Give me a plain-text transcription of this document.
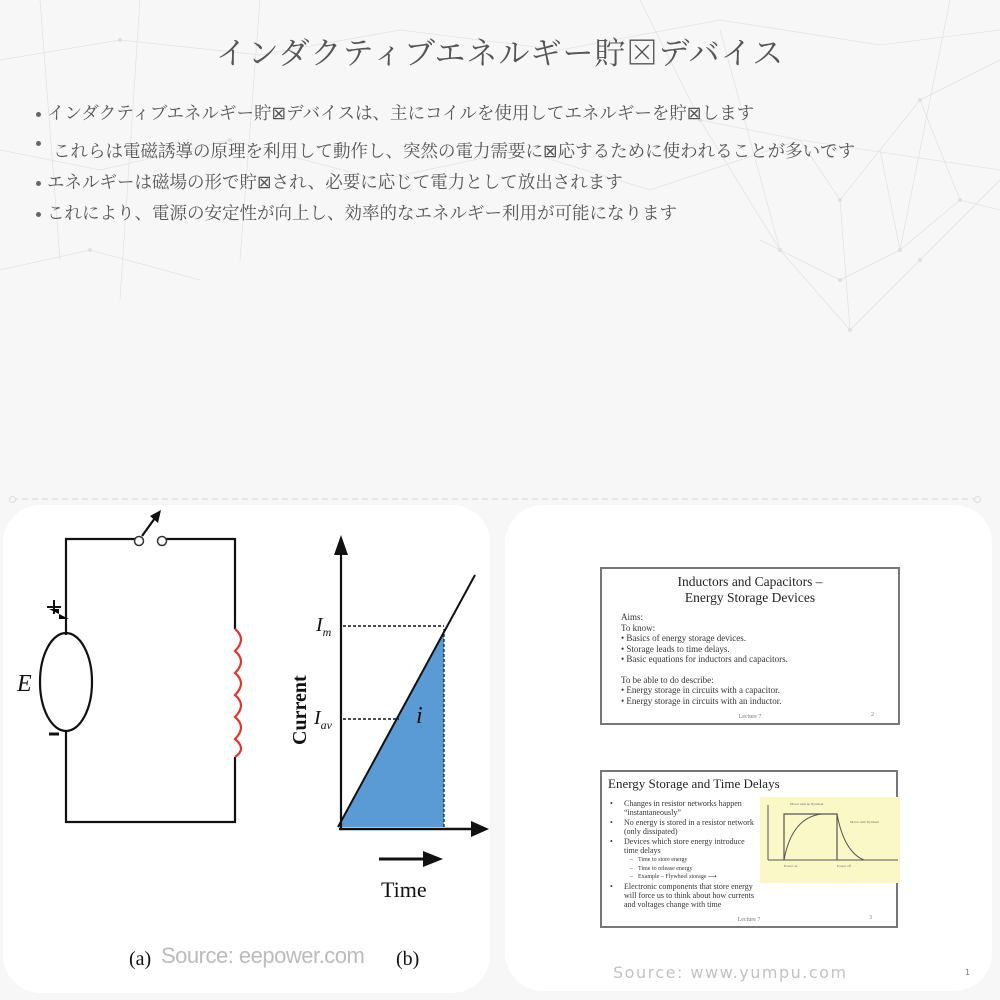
インダクティブエネルギー貯⊠デバイス
インダクティブエネルギー貯⊠デバイスは、主にコイルを使用してエネルギーを貯⊠します
これらは電磁誘導の原理を利用して動作し、突然の電力需要に⊠応するために使われることが多いです
エネルギーは磁場の形で貯⊠され、必要に応じて電力として放出されます
これにより、電源の安定性が向上し、効率的なエネルギー利用が可能になります
E
$I_m$
$I_{av}$	i
Current
Time
(a)	(b)
Source: eepower.com
Inductors and Capacitors –
Energy Storage Devices
Aims:
To know:
• Basics of energy storage devices.
• Storage leads to time delays.
• Basic equations for inductors and capacitors.
To be able to do describe:
• Energy storage in circuits with a capacitor.
• Energy storage in circuits with an inductor.
Lecture 7	2
Energy Storage and Time Delays
•	Changes in resistor networks happen “instantaneously”
•	No energy is stored in a resistor network (only dissipated)
•	Devices which store energy introduce time delays
– Time to store energy
– Time to release energy
– Example – Flywheel storage ⟶
•	Electronic components that store energy will force us to think about how currents and voltages change with time
Motor with no flywheel
Motor with flywheel
Power on	Power off
Lecture 7	3
Source: www.yumpu.com	1
